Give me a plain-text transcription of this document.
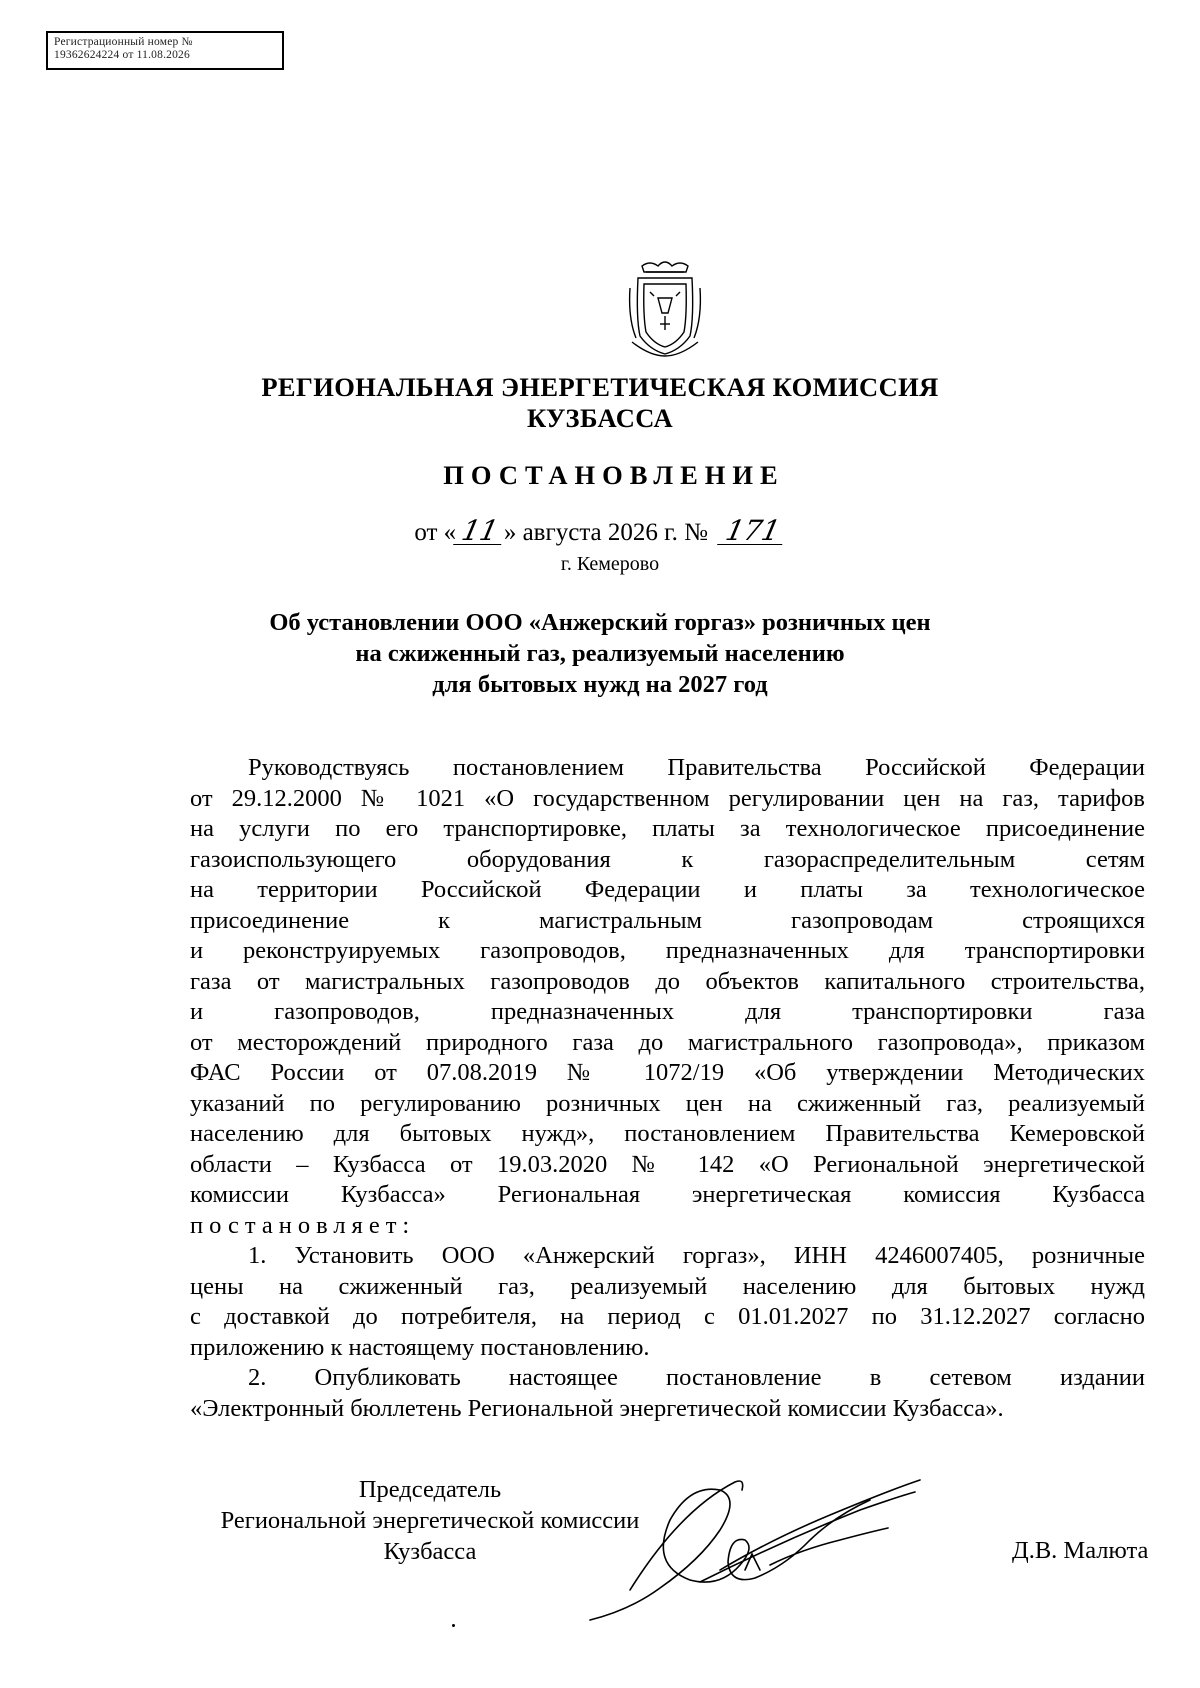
Регистрационный номер №
19362624224 от 11.08.2026
РЕГИОНАЛЬНАЯ ЭНЕРГЕТИЧЕСКАЯ КОМИССИЯ
КУЗБАССА
ПОСТАНОВЛЕНИЕ
от «11» августа 2026 г. № 171
г. Кемерово
Об установлении ООО «Анжерский горгаз» розничных цен
на сжиженный газ, реализуемый населению
для бытовых нужд на 2027 год
Руководствуясь постановлением Правительства Российской Федерации
от 29.12.2000 № 1021 «О государственном регулировании цен на газ, тарифов
на услуги по его транспортировке, платы за технологическое присоединение
газоиспользующего оборудования к газораспределительным сетям
на территории Российской Федерации и платы за технологическое
присоединение к магистральным газопроводам строящихся
и реконструируемых газопроводов, предназначенных для транспортировки
газа от магистральных газопроводов до объектов капитального строительства,
и газопроводов, предназначенных для транспортировки газа
от месторождений природного газа до магистрального газопровода», приказом
ФАС России от 07.08.2019 № 1072/19 «Об утверждении Методических
указаний по регулированию розничных цен на сжиженный газ, реализуемый
населению для бытовых нужд», постановлением Правительства Кемеровской
области – Кузбасса от 19.03.2020 № 142 «О Региональной энергетической
комиссии Кузбасса» Региональная энергетическая комиссия Кузбасса
постановляет:
1. Установить ООО «Анжерский горгаз», ИНН 4246007405, розничные
цены на сжиженный газ, реализуемый населению для бытовых нужд
с доставкой до потребителя, на период с 01.01.2027 по 31.12.2027 согласно
приложению к настоящему постановлению.
2. Опубликовать настоящее постановление в сетевом издании
«Электронный бюллетень Региональной энергетической комиссии Кузбасса».
Председатель
Региональной энергетической комиссии
Кузбасса	Д.В. Малюта
